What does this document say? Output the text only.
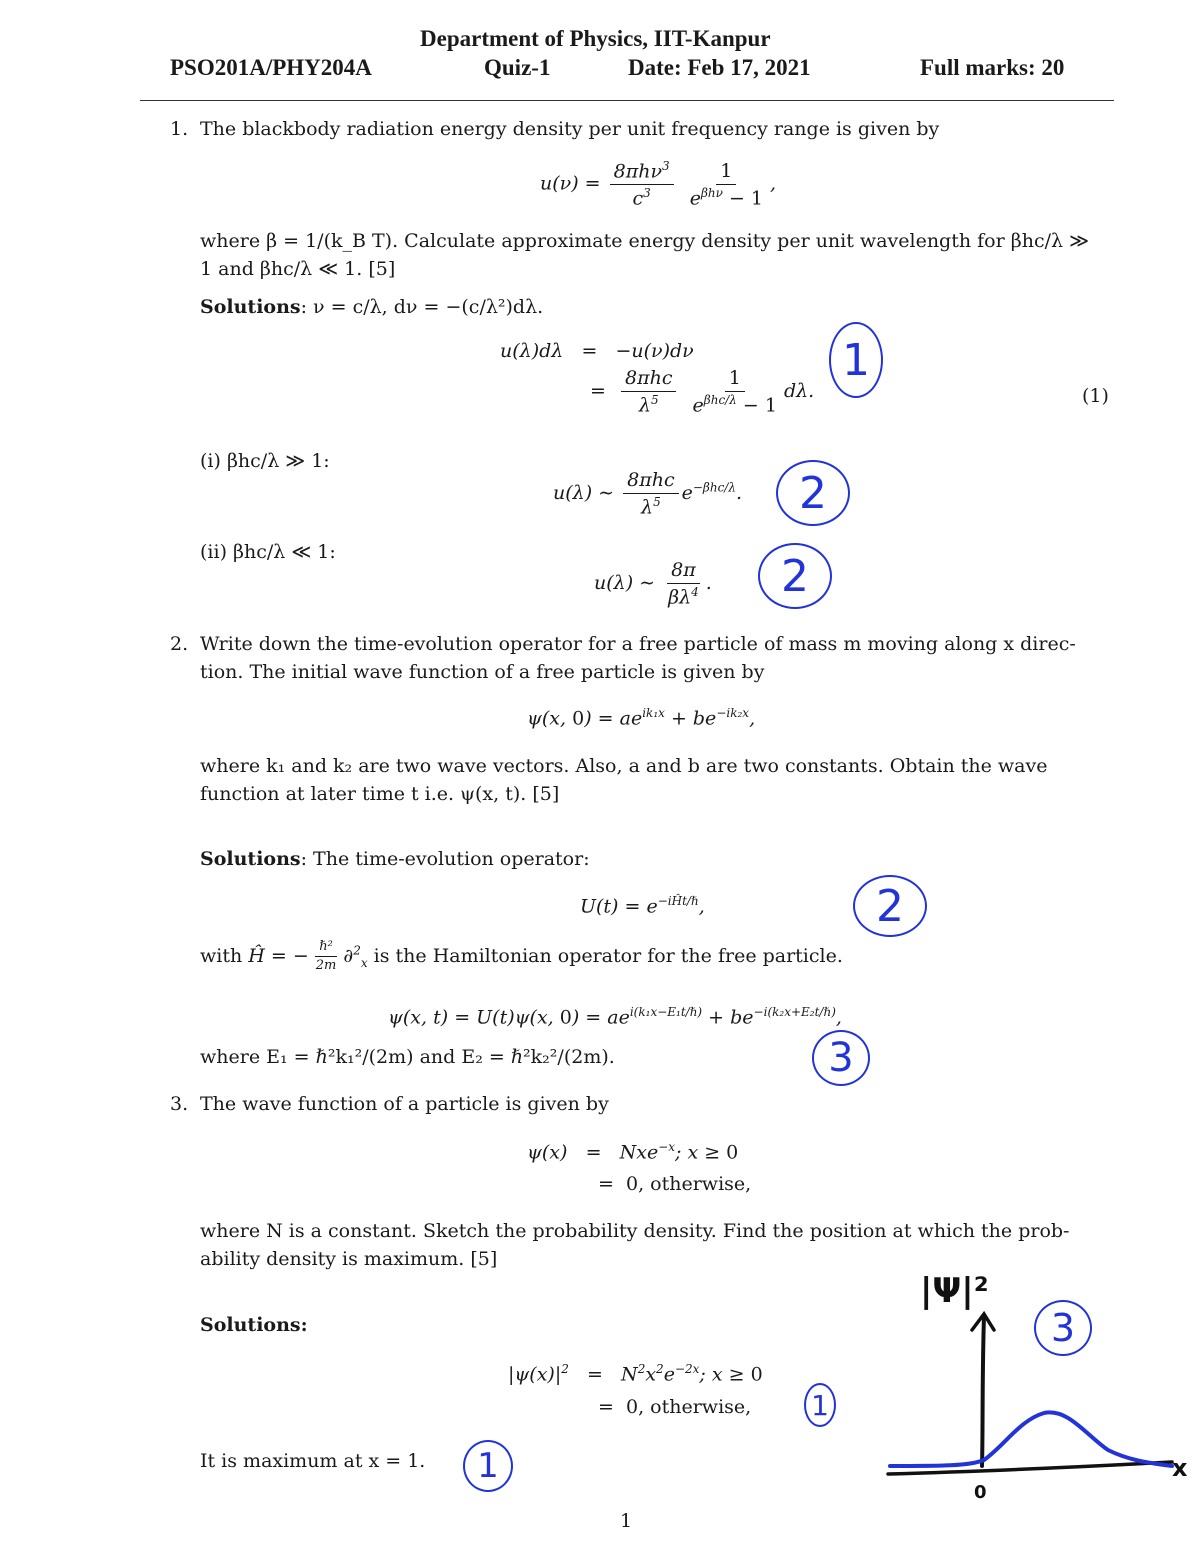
Department of Physics, IIT-Kanpur
PSO201A/PHY204A	Quiz-1	Date: Feb 17, 2021	Full marks: 20
1. The blackbody radiation energy density per unit frequency range is given by
$u(\nu) = \frac{8\pi h\nu^3}{c^3}$
$\frac{1}{e^{\beta h\nu} - 1}$ ,
where β = 1/(k_B T). Calculate approximate energy density per unit wavelength for βhc/λ ≫
1 and βhc/λ ≪ 1. [5]
Solutions: ν = c/λ, dν = −(c/λ²)dλ.
u(λ)dλ   = −u(ν)dν
= $\frac{\text{8πhc}}{\lambda^5}$
$\frac{1}{e^{\beta hc/\lambda} - 1} d\lambda$.	(1)
(i) βhc/λ ≫ 1:
u(λ) ∼ $\frac{\text{8πhc}}{\lambda^5} e^{-\beta hc/\lambda}$.
(ii) βhc/λ ≪ 1:
u(λ) ∼ $\frac{8\pi}{\beta\lambda^4}$ .
1
2
2
2. Write down the time-evolution operator for a free particle of mass m moving along x direc-
tion. The initial wave function of a free particle is given by
ψ(x, $0) = ae^{ik_1x} + be^{-ik_2x}$,
where k₁ and k₂ are two wave vectors. Also, a and b are two constants. Obtain the wave
function at later time t i.e. ψ(x, t). [5]
Solutions: The time-evolution operator:
$U(t) = e^{-iĤt/\hbar}$,
with Ĥ = − $\frac{\text{ℏ²}}{2m} \partial^2_x$ is the Hamiltonian operator for the free particle.
ψ(x, t) = U(t)ψ(x, $0) = ae^{i(k_1x-E_1t/\hbar)} + be^{-i(k_2x+E_2t/\hbar)}$,
where E₁ = ℏ²k₁²/(2m) and E₂ = ℏ²k₂²/(2m).
2
3
3. The wave function of a particle is given by
ψ(x)   =   Nxe$^{-x}$; x ≥ 0
=  0, otherwise,
where N is a constant. Sketch the probability density. Find the position at which the prob-
ability density is maximum. [5]
Solutions:
$|\psi(x)|^2 = N^2x^2e^{-2x}$; x ≥ 0
=  0, otherwise,
It is maximum at x = 1.
1
1
3
|Ψ|²
x
0
1
